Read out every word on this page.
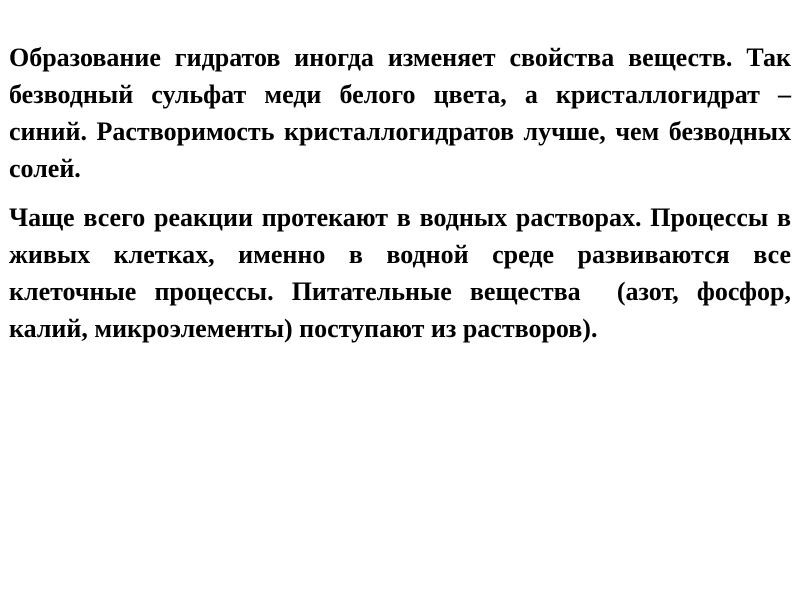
Образование гидратов иногда изменяет свойства веществ. Так безводный сульфат меди белого цвета, а кристаллогидрат – синий. Растворимость кристаллогидратов лучше, чем безводных солей.

Чаще всего реакции протекают в водных растворах. Процессы в живых клетках, именно в водной среде развиваются все клеточные процессы. Питательные вещества  (азот, фосфор, калий, микроэлементы) поступают из растворов).
